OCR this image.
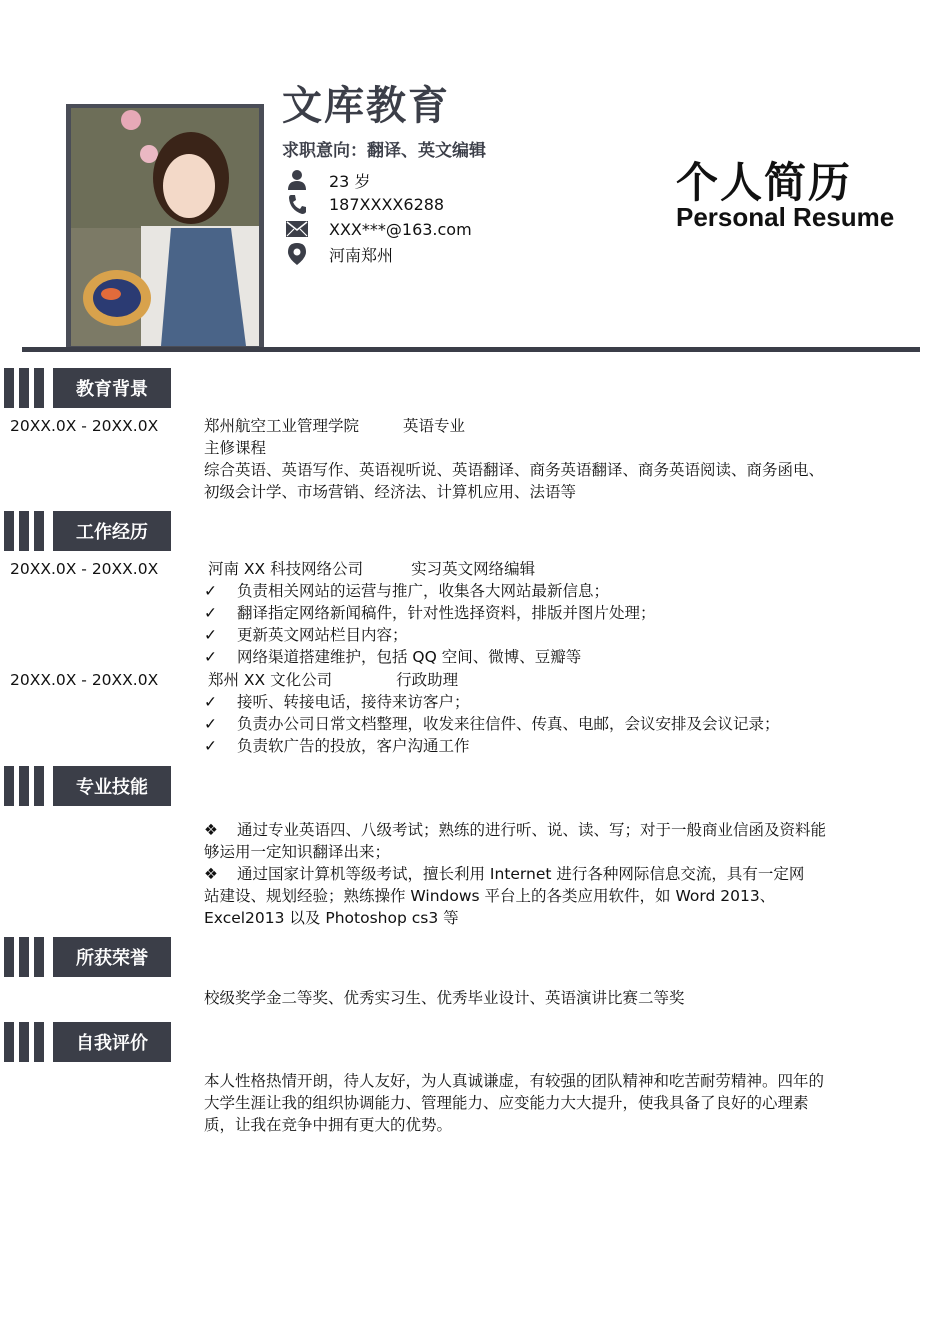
文库教育
求职意向：翻译、英文编辑
23 岁
187XXXX6288
XXX***@163.com
河南郑州
个人简历
Personal Resume
教育背景
20XX.0X - 20XX.0X	郑州航空工业管理学院	英语专业
主修课程
综合英语、英语写作、英语视听说、英语翻译、商务英语翻译、商务英语阅读、商务函电、
初级会计学、市场营销、经济法、计算机应用、法语等
工作经历
20XX.0X - 20XX.0X	河南 XX 科技网络公司	实习英文网络编辑
✓	负责相关网站的运营与推广，收集各大网站最新信息；
✓	翻译指定网络新闻稿件，针对性选择资料，排版并图片处理；
✓	更新英文网站栏目内容；
✓	网络渠道搭建维护，包括 QQ 空间、微博、豆瓣等
20XX.0X - 20XX.0X	郑州 XX 文化公司	行政助理
✓	接听、转接电话，接待来访客户；
✓	负责办公司日常文档整理，收发来往信件、传真、电邮，会议安排及会议记录；
✓	负责软广告的投放，客户沟通工作
专业技能
❖	通过专业英语四、八级考试；熟练的进行听、说、读、写；对于一般商业信函及资料能
够运用一定知识翻译出来；
❖	通过国家计算机等级考试，擅长利用 Internet 进行各种网际信息交流，具有一定网
站建设、规划经验；熟练操作 Windows 平台上的各类应用软件，如 Word 2013、
Excel2013 以及 Photoshop cs3 等
所获荣誉
校级奖学金二等奖、优秀实习生、优秀毕业设计、英语演讲比赛二等奖
自我评价
本人性格热情开朗，待人友好，为人真诚谦虚，有较强的团队精神和吃苦耐劳精神。四年的
大学生涯让我的组织协调能力、管理能力、应变能力大大提升，使我具备了良好的心理素
质，让我在竞争中拥有更大的优势。
